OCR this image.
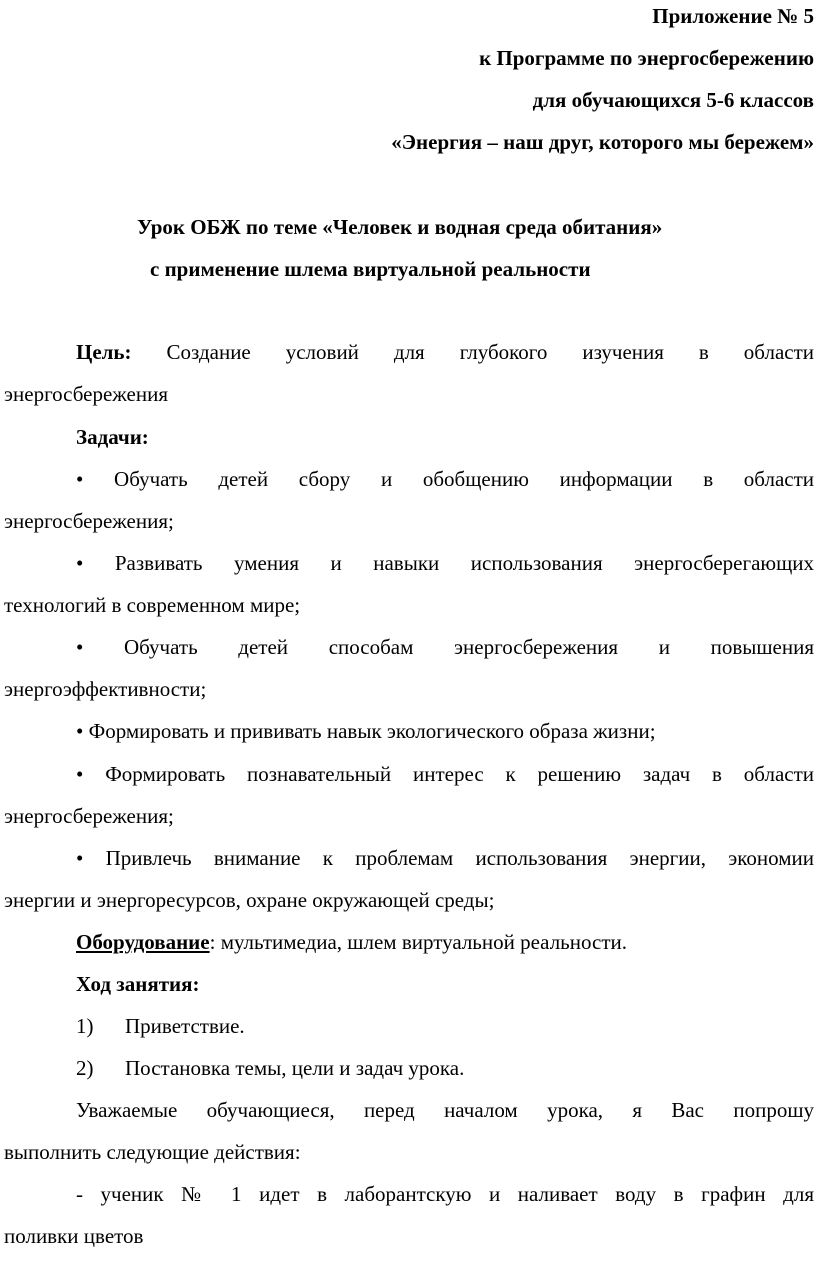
Приложение № 5
к Программе по энергосбережению
для обучающихся 5-6 классов
«Энергия – наш друг, которого мы бережем»
Урок ОБЖ по теме «Человек и водная среда обитания»
с применение шлема виртуальной реальности
Цель: Создание условий для глубокого изучения в области
энергосбережения
Задачи:
• Обучать детей сбору и обобщению информации в области
энергосбережения;
• Развивать умения и навыки использования энергосберегающих
технологий в современном мире;
• Обучать детей способам энергосбережения и повышения
энергоэффективности;
• Формировать и прививать навык экологического образа жизни;
• Формировать познавательный интерес к решению задач в области
энергосбережения;
• Привлечь внимание к проблемам использования энергии, экономии
энергии и энергоресурсов, охране окружающей среды;
Оборудование: мультимедиа, шлем виртуальной реальности.
Ход занятия:
1) Приветствие.
2) Постановка темы, цели и задач урока.
Уважаемые обучающиеся, перед началом урока, я Вас попрошу
выполнить следующие действия:
- ученик № 1 идет в лаборантскую и наливает воду в графин для
поливки цветов
